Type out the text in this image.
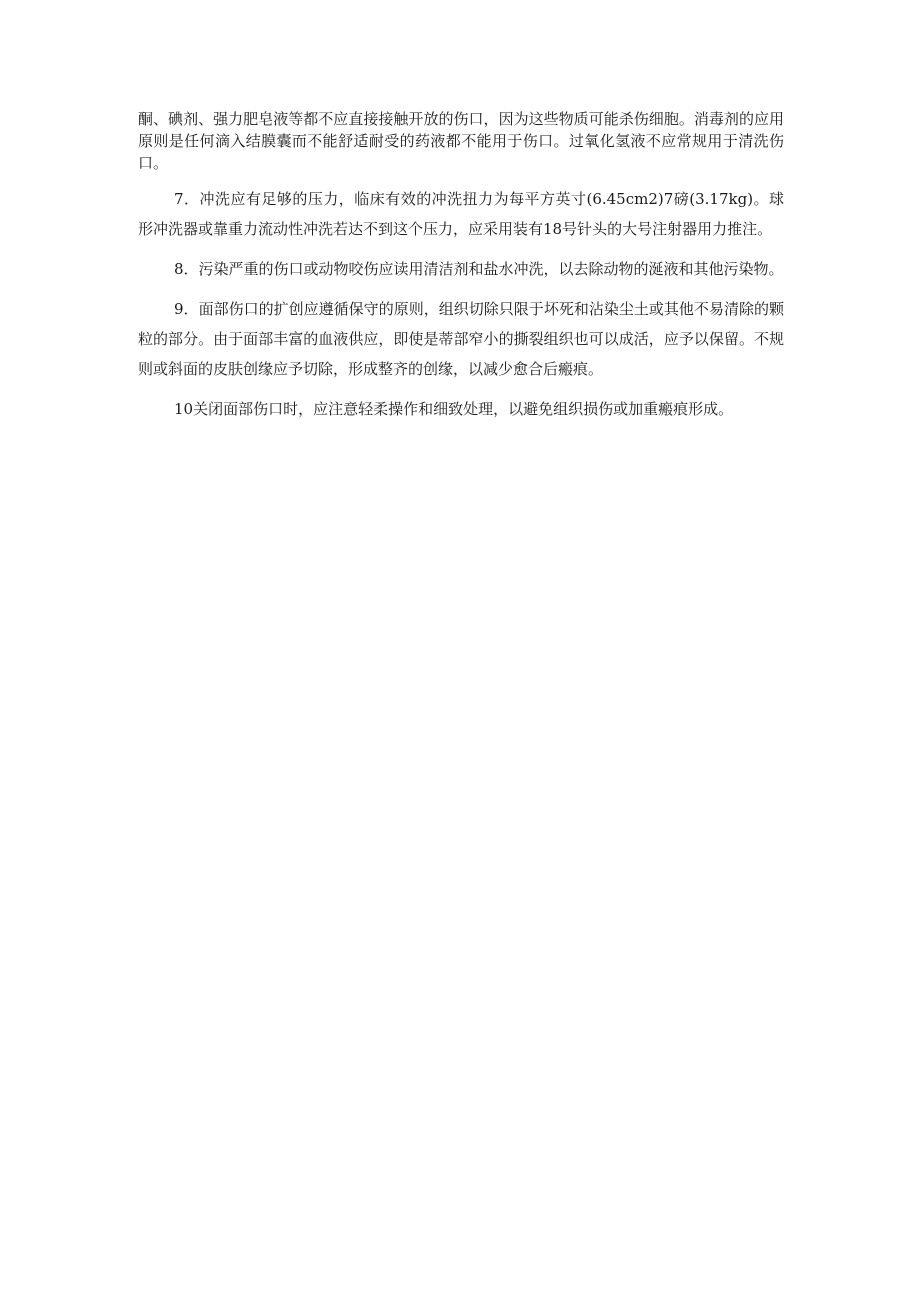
酮、碘剂、强力肥皂液等都不应直接接触开放的伤口，因为这些物质可能杀伤细胞。消毒剂的应用原则是任何滴入结膜囊而不能舒适耐受的药液都不能用于伤口。过氧化氢液不应常规用于清洗伤口。

7．冲洗应有足够的压力，临床有效的冲洗扭力为每平方英寸(6.45cm2)7磅(3.17kg)。球形冲洗器或靠重力流动性冲洗若达不到这个压力，应采用装有18号针头的大号注射器用力推注。

8．污染严重的伤口或动物咬伤应读用清洁剂和盐水冲洗，以去除动物的涎液和其他污染物。

9．面部伤口的扩创应遵循保守的原则，组织切除只限于坏死和沾染尘土或其他不易清除的颗粒的部分。由于面部丰富的血液供应，即使是蒂部窄小的撕裂组织也可以成活，应予以保留。不规则或斜面的皮肤创缘应予切除，形成整齐的创缘，以减少愈合后瘢痕。

10关闭面部伤口时，应注意轻柔操作和细致处理，以避免组织损伤或加重瘢痕形成。
